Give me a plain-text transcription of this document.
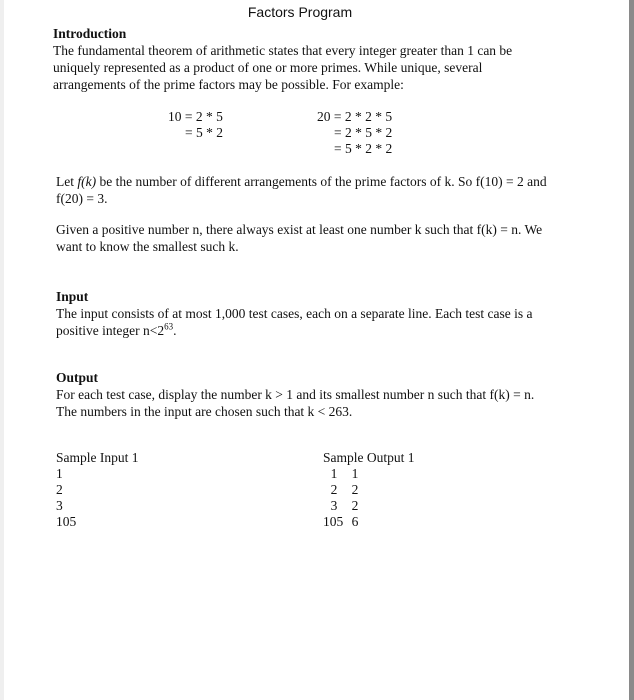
Factors Program
Introduction
The fundamental theorem of arithmetic states that every integer greater than 1 can be uniquely represented as a product of one or more primes. While unique, several arrangements of the prime factors may be possible. For example:
10 = 2 * 5
= 5 * 2
20 = 2 * 2 * 5
= 2 * 5 * 2
= 5 * 2 * 2
Let f(k) be the number of different arrangements of the prime factors of k. So f(10) = 2 and f(20) = 3.
Given a positive number n, there always exist at least one number k such that f(k) = n. We want to know the smallest such k.
Input
The input consists of at most 1,000 test cases, each on a separate line. Each test case is a positive integer $n<2^{63}$.
Output
For each test case, display the number k > 1 and its smallest number n such that f(k) = n. The numbers in the input are chosen such that k < 263.
Sample Input 1
1
2
3
105
Sample Output 1
1 1
2 2
3 2
105 6
